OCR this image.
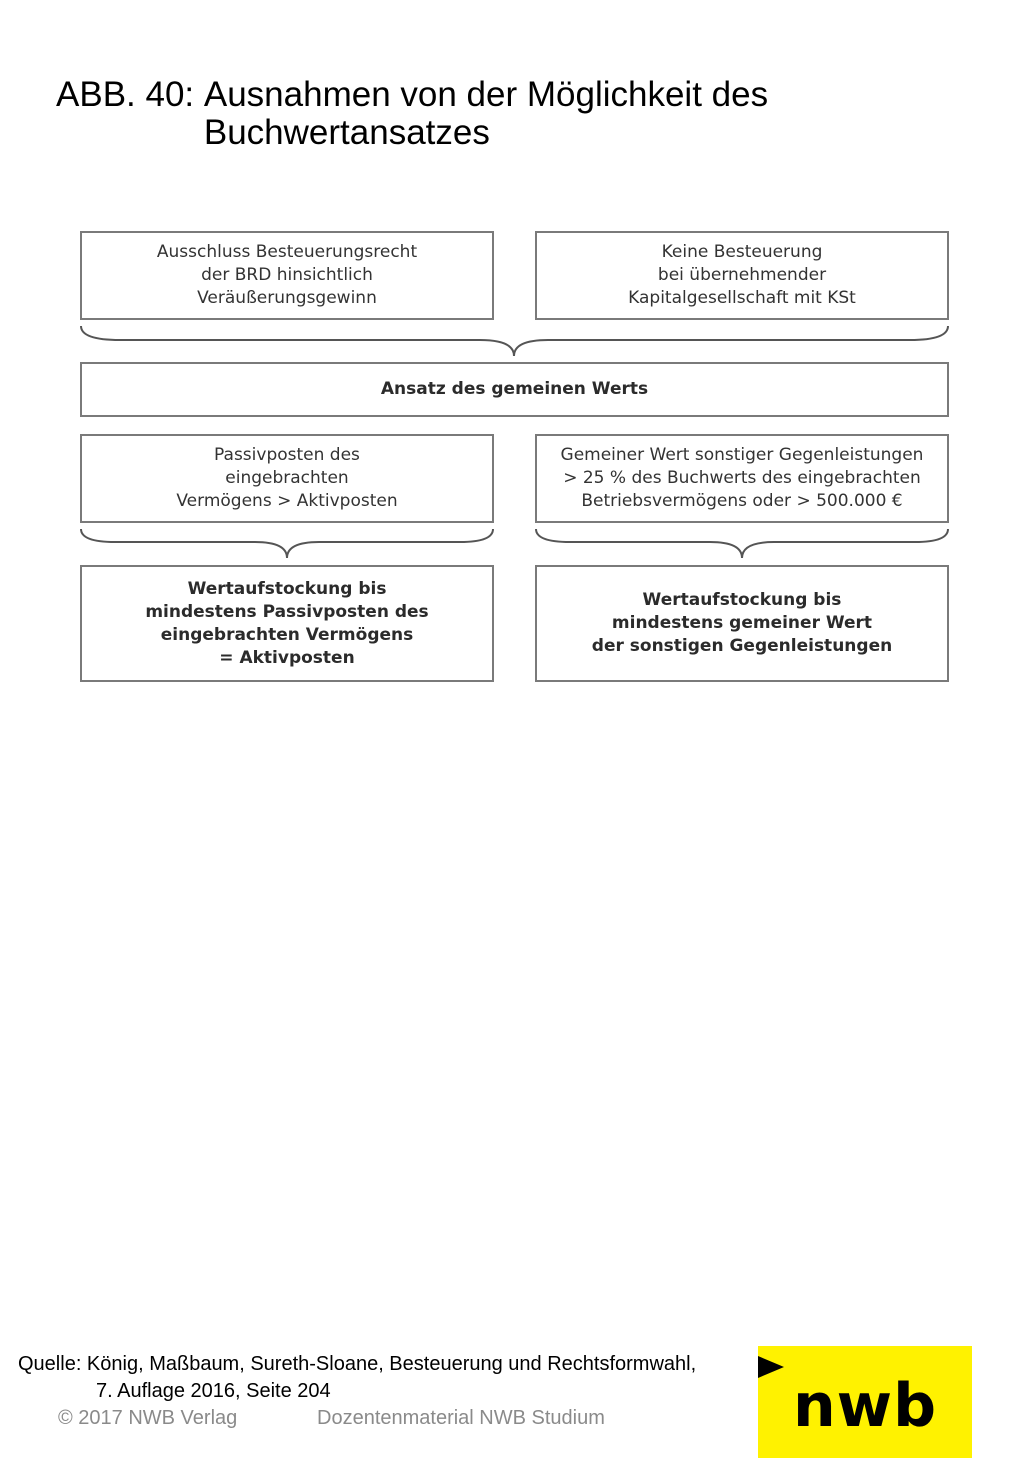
ABB. 40: Ausnahmen von der Möglichkeit des Buchwertansatzes
Ausschluss Besteuerungsrecht
der BRD hinsichtlich
Veräußerungsgewinn
Keine Besteuerung
bei übernehmender
Kapitalgesellschaft mit KSt
Ansatz des gemeinen Werts
Passivposten des
eingebrachten
Vermögens > Aktivposten
Gemeiner Wert sonstiger Gegenleistungen
> 25 % des Buchwerts des eingebrachten
Betriebsvermögens oder > 500.000 €
Wertaufstockung bis
mindestens Passivposten des
eingebrachten Vermögens
= Aktivposten
Wertaufstockung bis
mindestens gemeiner Wert
der sonstigen Gegenleistungen
Quelle: König, Maßbaum, Sureth-Sloane, Besteuerung und Rechtsformwahl,
7. Auflage 2016, Seite 204
© 2017 NWB Verlag	Dozentenmaterial NWB Studium	nwb
